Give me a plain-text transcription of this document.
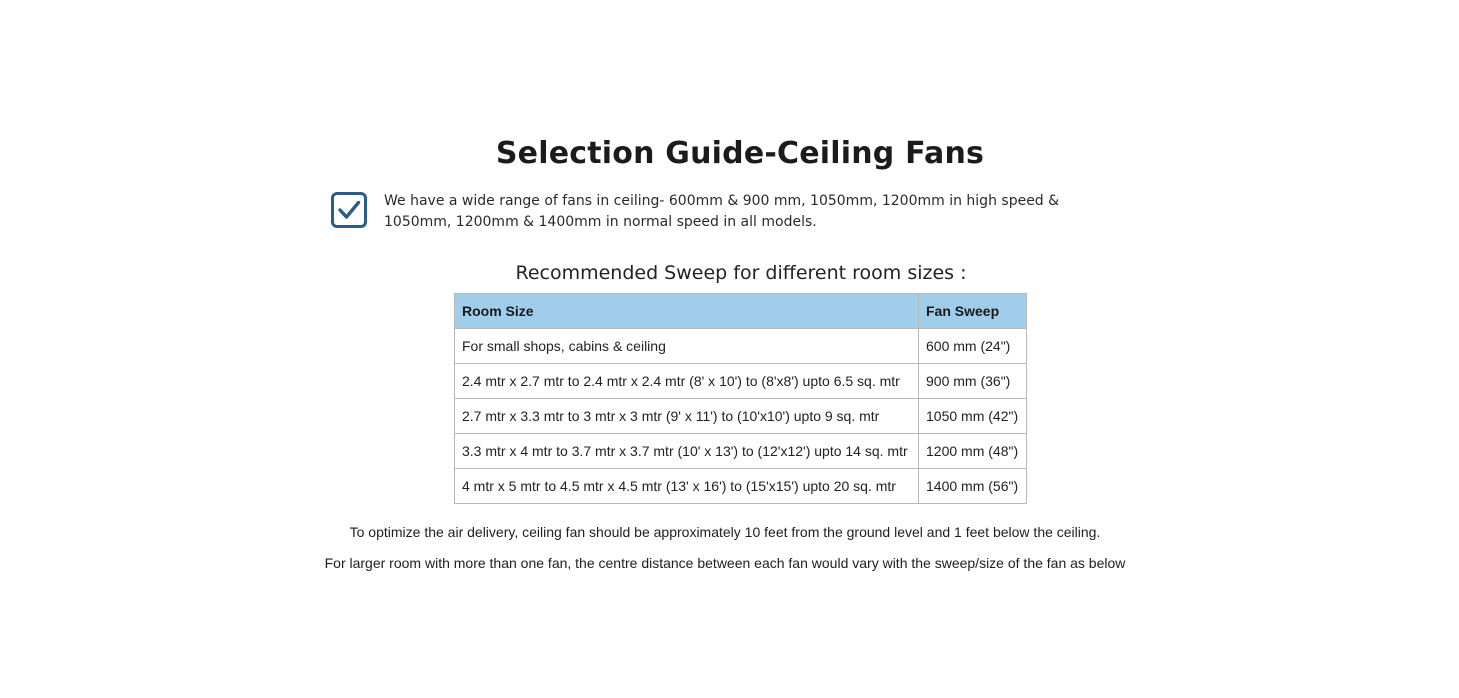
Selection Guide-Ceiling Fans
We have a wide range of fans in ceiling- 600mm & 900 mm, 1050mm, 1200mm in high speed & 1050mm, 1200mm & 1400mm in normal speed in all models.
Recommended Sweep for different room sizes :
Room Size	Fan Sweep
For small shops, cabins & ceiling	600 mm (24")
2.4 mtr x 2.7 mtr to 2.4 mtr x 2.4 mtr (8' x 10') to (8'x8') upto 6.5 sq. mtr	900 mm (36")
2.7 mtr x 3.3 mtr to 3 mtr x 3 mtr (9' x 11') to (10'x10') upto 9 sq. mtr	1050 mm (42")
3.3 mtr x 4 mtr to 3.7 mtr x 3.7 mtr (10' x 13') to (12'x12') upto 14 sq. mtr	1200 mm (48")
4 mtr x 5 mtr to 4.5 mtr x 4.5 mtr (13' x 16') to (15'x15') upto 20 sq. mtr	1400 mm (56")
To optimize the air delivery, ceiling fan should be approximately 10 feet from the ground level and 1 feet below the ceiling.
For larger room with more than one fan, the centre distance between each fan would vary with the sweep/size of the fan as below
